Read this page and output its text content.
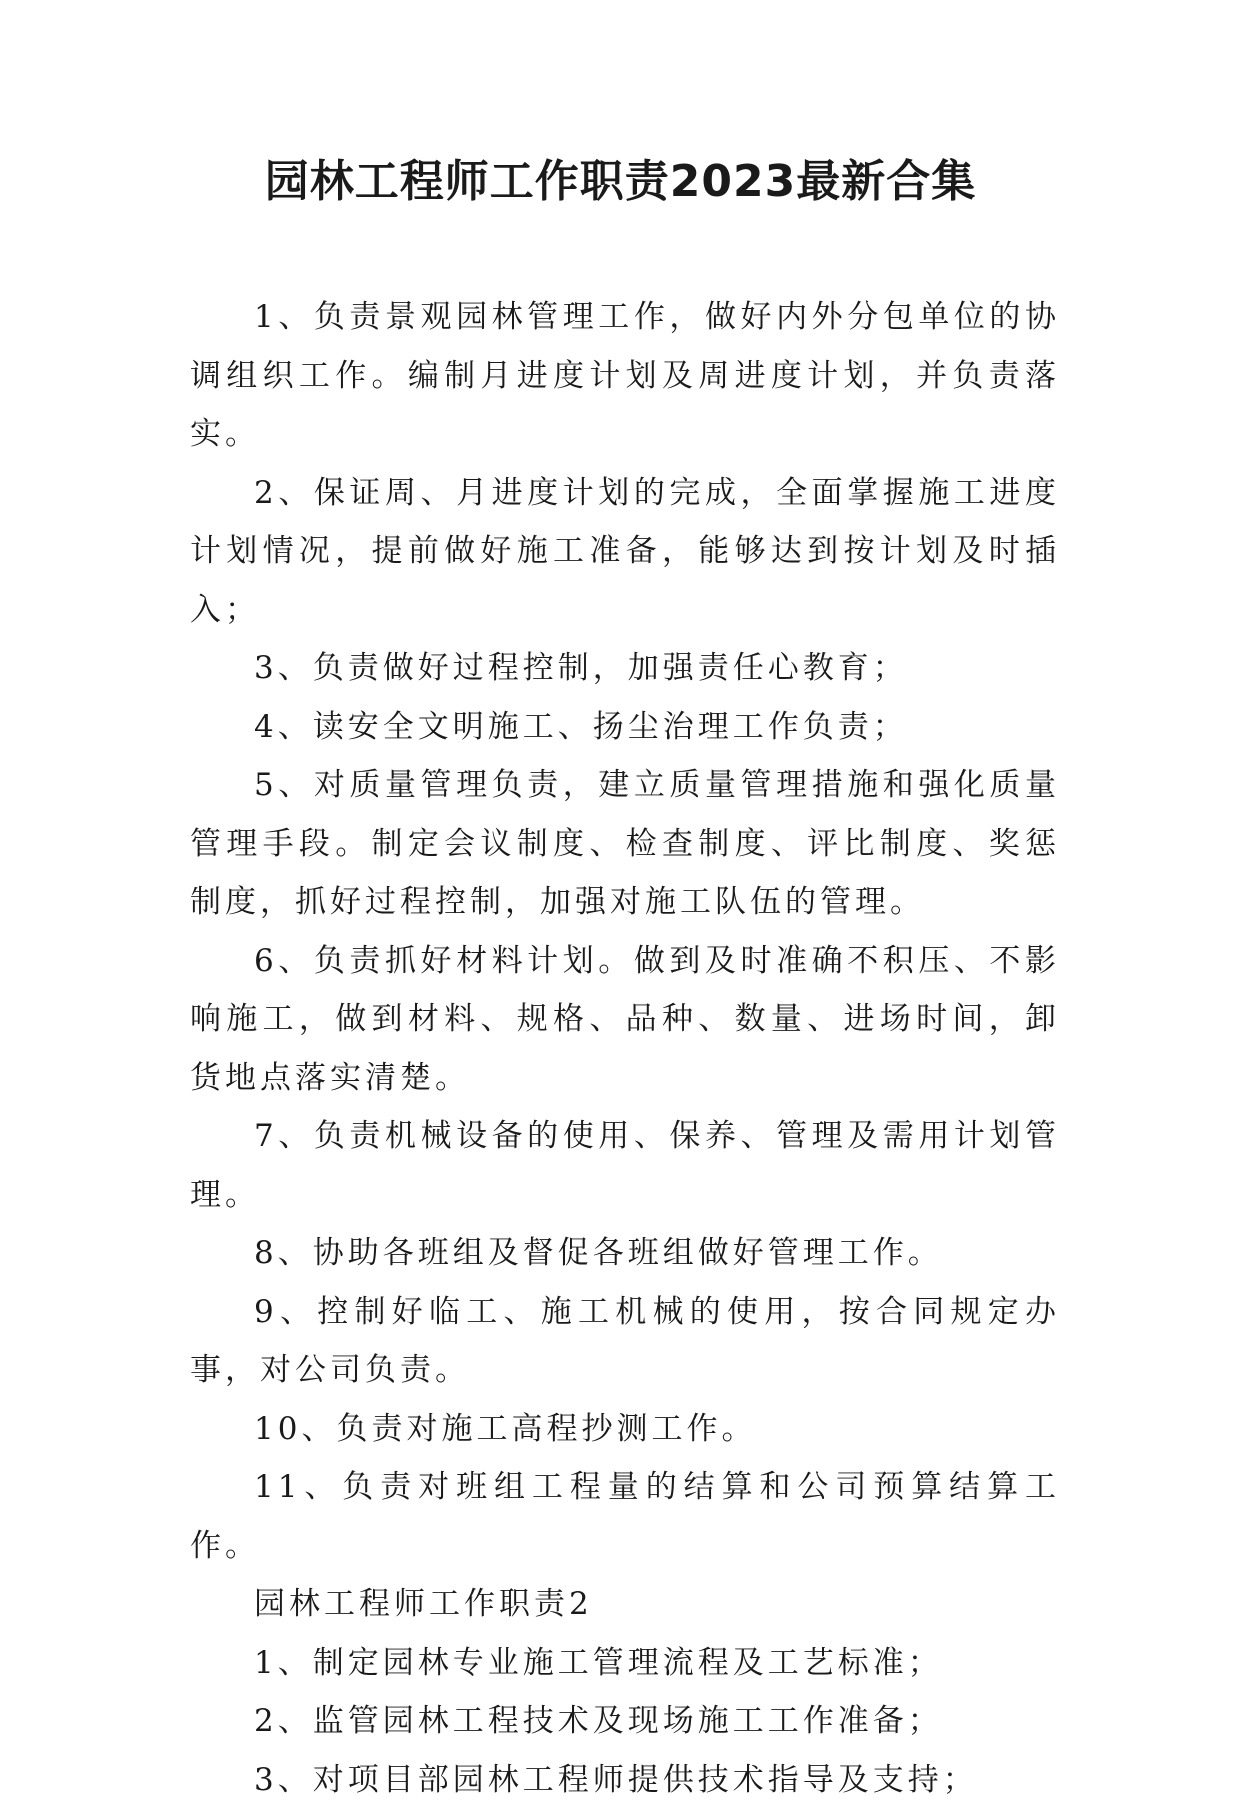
园林工程师工作职责2023最新合集

1、负责景观园林管理工作，做好内外分包单位的协调组织工作。编制月进度计划及周进度计划，并负责落实。

2、保证周、月进度计划的完成，全面掌握施工进度计划情况，提前做好施工准备，能够达到按计划及时插入；

3、负责做好过程控制，加强责任心教育；

4、读安全文明施工、扬尘治理工作负责；

5、对质量管理负责，建立质量管理措施和强化质量管理手段。制定会议制度、检查制度、评比制度、奖惩制度，抓好过程控制，加强对施工队伍的管理。

6、负责抓好材料计划。做到及时准确不积压、不影响施工，做到材料、规格、品种、数量、进场时间，卸货地点落实清楚。

7、负责机械设备的使用、保养、管理及需用计划管理。

8、协助各班组及督促各班组做好管理工作。

9、控制好临工、施工机械的使用，按合同规定办事，对公司负责。

10、负责对施工高程抄测工作。

11、负责对班组工程量的结算和公司预算结算工作。

园林工程师工作职责2

1、制定园林专业施工管理流程及工艺标准；

2、监管园林工程技术及现场施工工作准备；

3、对项目部园林工程师提供技术指导及支持；
